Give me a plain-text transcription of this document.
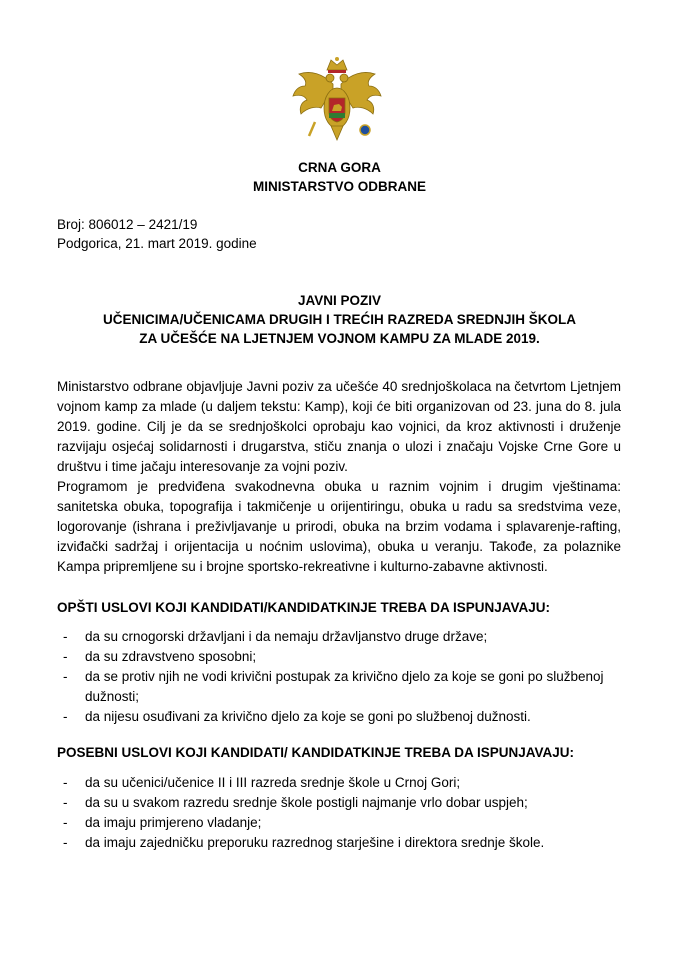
CRNA GORA
MINISTARSTVO ODBRANE
Broj: 806012 – 2421/19
Podgorica, 21. mart 2019. godine
JAVNI POZIV
UČENICIMA/UČENICAMA DRUGIH I TREĆIH RAZREDA SREDNJIH ŠKOLA
ZA UČEŠĆE NA LJETNJEM VOJNOM KAMPU ZA MLADE 2019.

Ministarstvo odbrane objavljuje Javni poziv za učešće 40 srednjoškolaca na četvrtom Ljetnjem vojnom kamp za mlade (u daljem tekstu: Kamp), koji će biti organizovan od 23. juna do 8. jula 2019. godine. Cilj je da se srednjoškolci oprobaju kao vojnici, da kroz aktivnosti i druženje razvijaju osjećaj solidarnosti i drugarstva, stiču znanja o ulozi i značaju Vojske Crne Gore u društvu i time jačaju interesovanje za vojni poziv.

Programom je predviđena svakodnevna obuka u raznim vojnim i drugim vještinama: sanitetska obuka, topografija i takmičenje u orijentiringu, obuka u radu sa sredstvima veze, logorovanje (ishrana i preživljavanje u prirodi, obuka na brzim vodama i splavarenje-rafting, izviđački sadržaj i orijentacija u noćnim uslovima), obuka u veranju. Takođe, za polaznike Kampa pripremljene su i brojne sportsko-rekreativne i kulturno-zabavne aktivnosti.

OPŠTI USLOVI KOJI KANDIDATI/KANDIDATKINJE TREBA DA ISPUNJAVAJU:
- da su crnogorski državljani i da nemaju državljanstvo druge države;
- da su zdravstveno sposobni;
- da se protiv njih ne vodi krivični postupak za krivično djelo za koje se goni po službenoj dužnosti;
- da nijesu osuđivani za krivično djelo za koje se goni po službenoj dužnosti.
POSEBNI USLOVI KOJI KANDIDATI/ KANDIDATKINJE TREBA DA ISPUNJAVAJU:
- da su učenici/učenice II i III razreda srednje škole u Crnoj Gori;
- da su u svakom razredu srednje škole postigli najmanje vrlo dobar uspjeh;
- da imaju primjereno vladanje;
- da imaju zajedničku preporuku razrednog starješine i direktora srednje škole.
